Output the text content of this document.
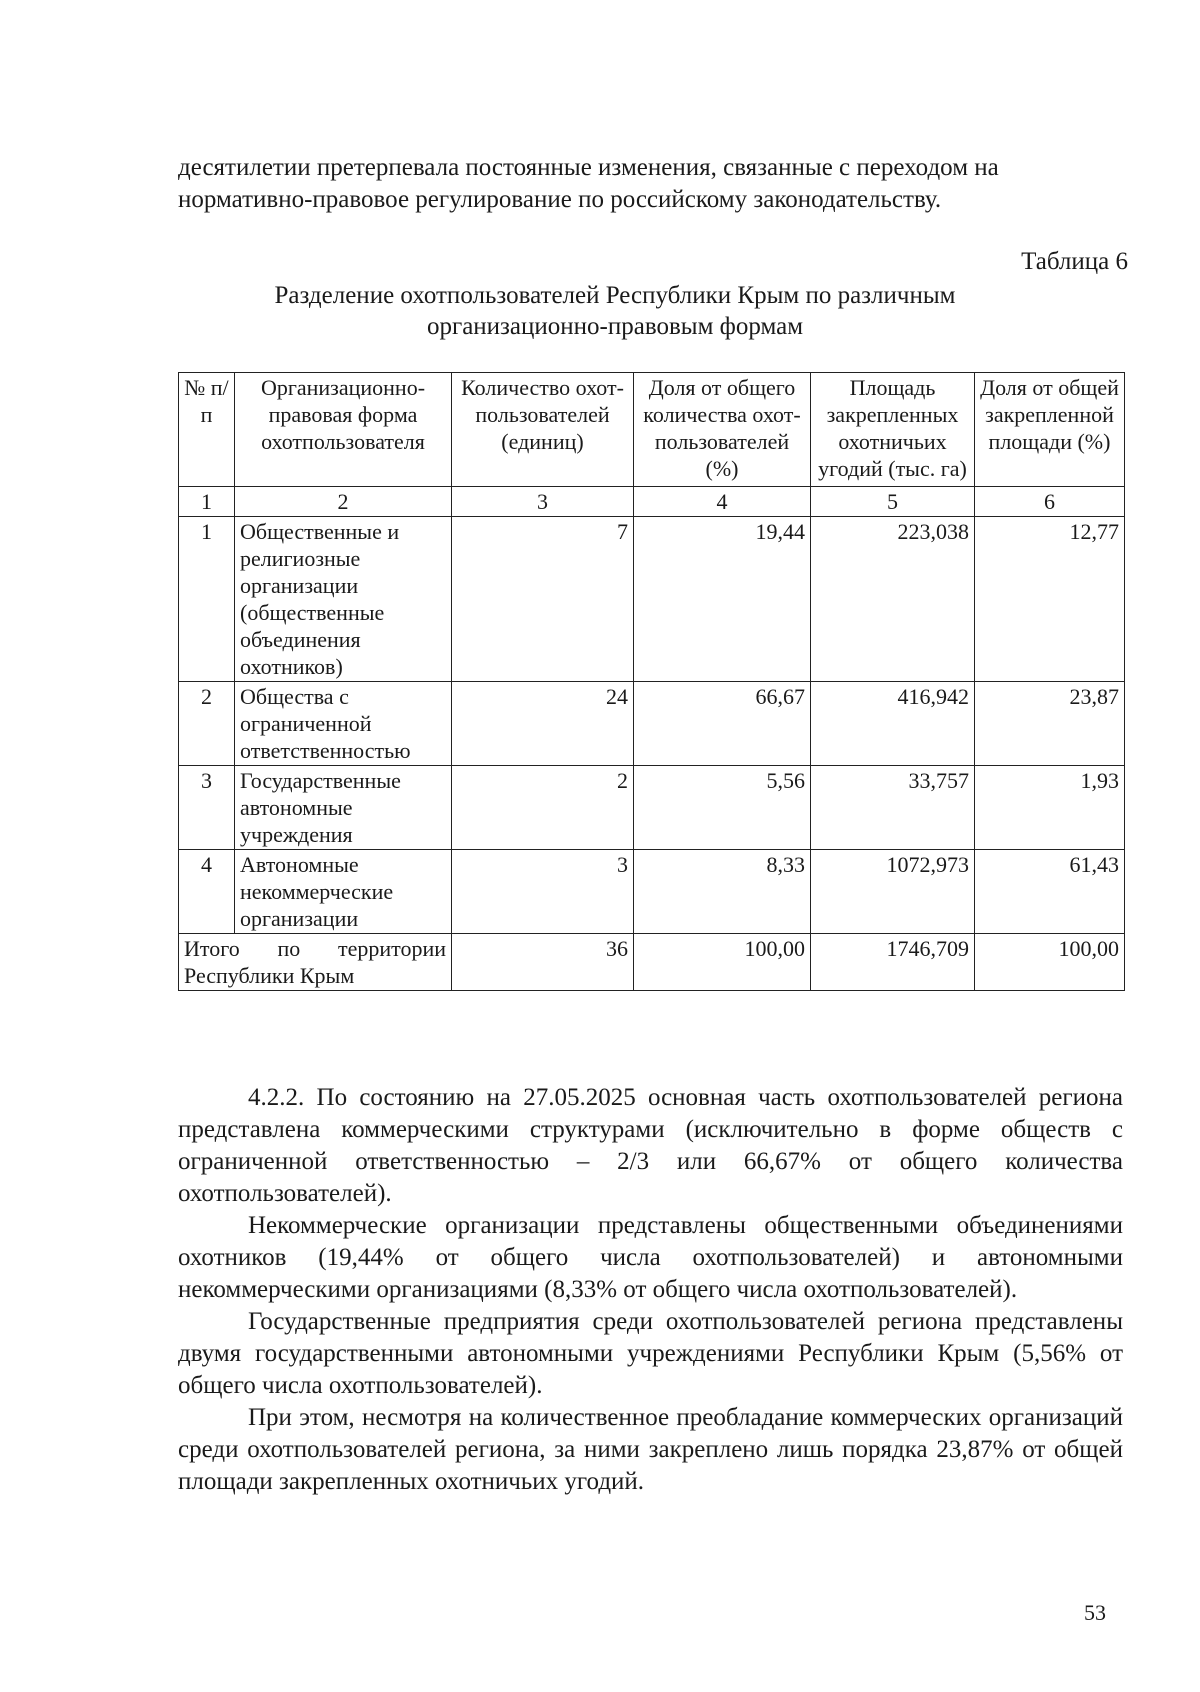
десятилетии претерпевала постоянные изменения, связанные с переходом на
нормативно-правовое регулирование по российскому законодательству.
Таблица 6
Разделение охотпользователей Республики Крым по различным
организационно-правовым формам
№ п/п	Организационно-правовая форма охотпользователя	Количество охот-пользователей (единиц)	Доля от общего количества охот-пользователей (%)	Площадь закрепленных охотничьих угодий (тыс. га)	Доля от общей закрепленной площади (%)
1	2	3	4	5	6
1	Общественные и религиозные организации (общественные объединения охотников)	7	19,44	223,038	12,77
2	Общества с ограниченной ответственностью	24	66,67	416,942	23,87
3	Государственные автономные учреждения	2	5,56	33,757	1,93
4	Автономные некоммерческие организации	3	8,33	1072,973	61,43
Итого по территории Республики Крым		36	100,00	1746,709	100,00

4.2.2. По состоянию на 27.05.2025 основная часть охотпользователей региона представлена коммерческими структурами (исключительно в форме обществ с ограниченной ответственностью – 2/3 или 66,67% от общего количества охотпользователей).

Некоммерческие организации представлены общественными объединениями охотников (19,44% от общего числа охотпользователей) и автономными некоммерческими организациями (8,33% от общего числа охотпользователей).

Государственные предприятия среди охотпользователей региона представлены двумя государственными автономными учреждениями Республики Крым (5,56% от общего числа охотпользователей).

При этом, несмотря на количественное преобладание коммерческих организаций среди охотпользователей региона, за ними закреплено лишь порядка 23,87% от общей площади закрепленных охотничьих угодий.

53
